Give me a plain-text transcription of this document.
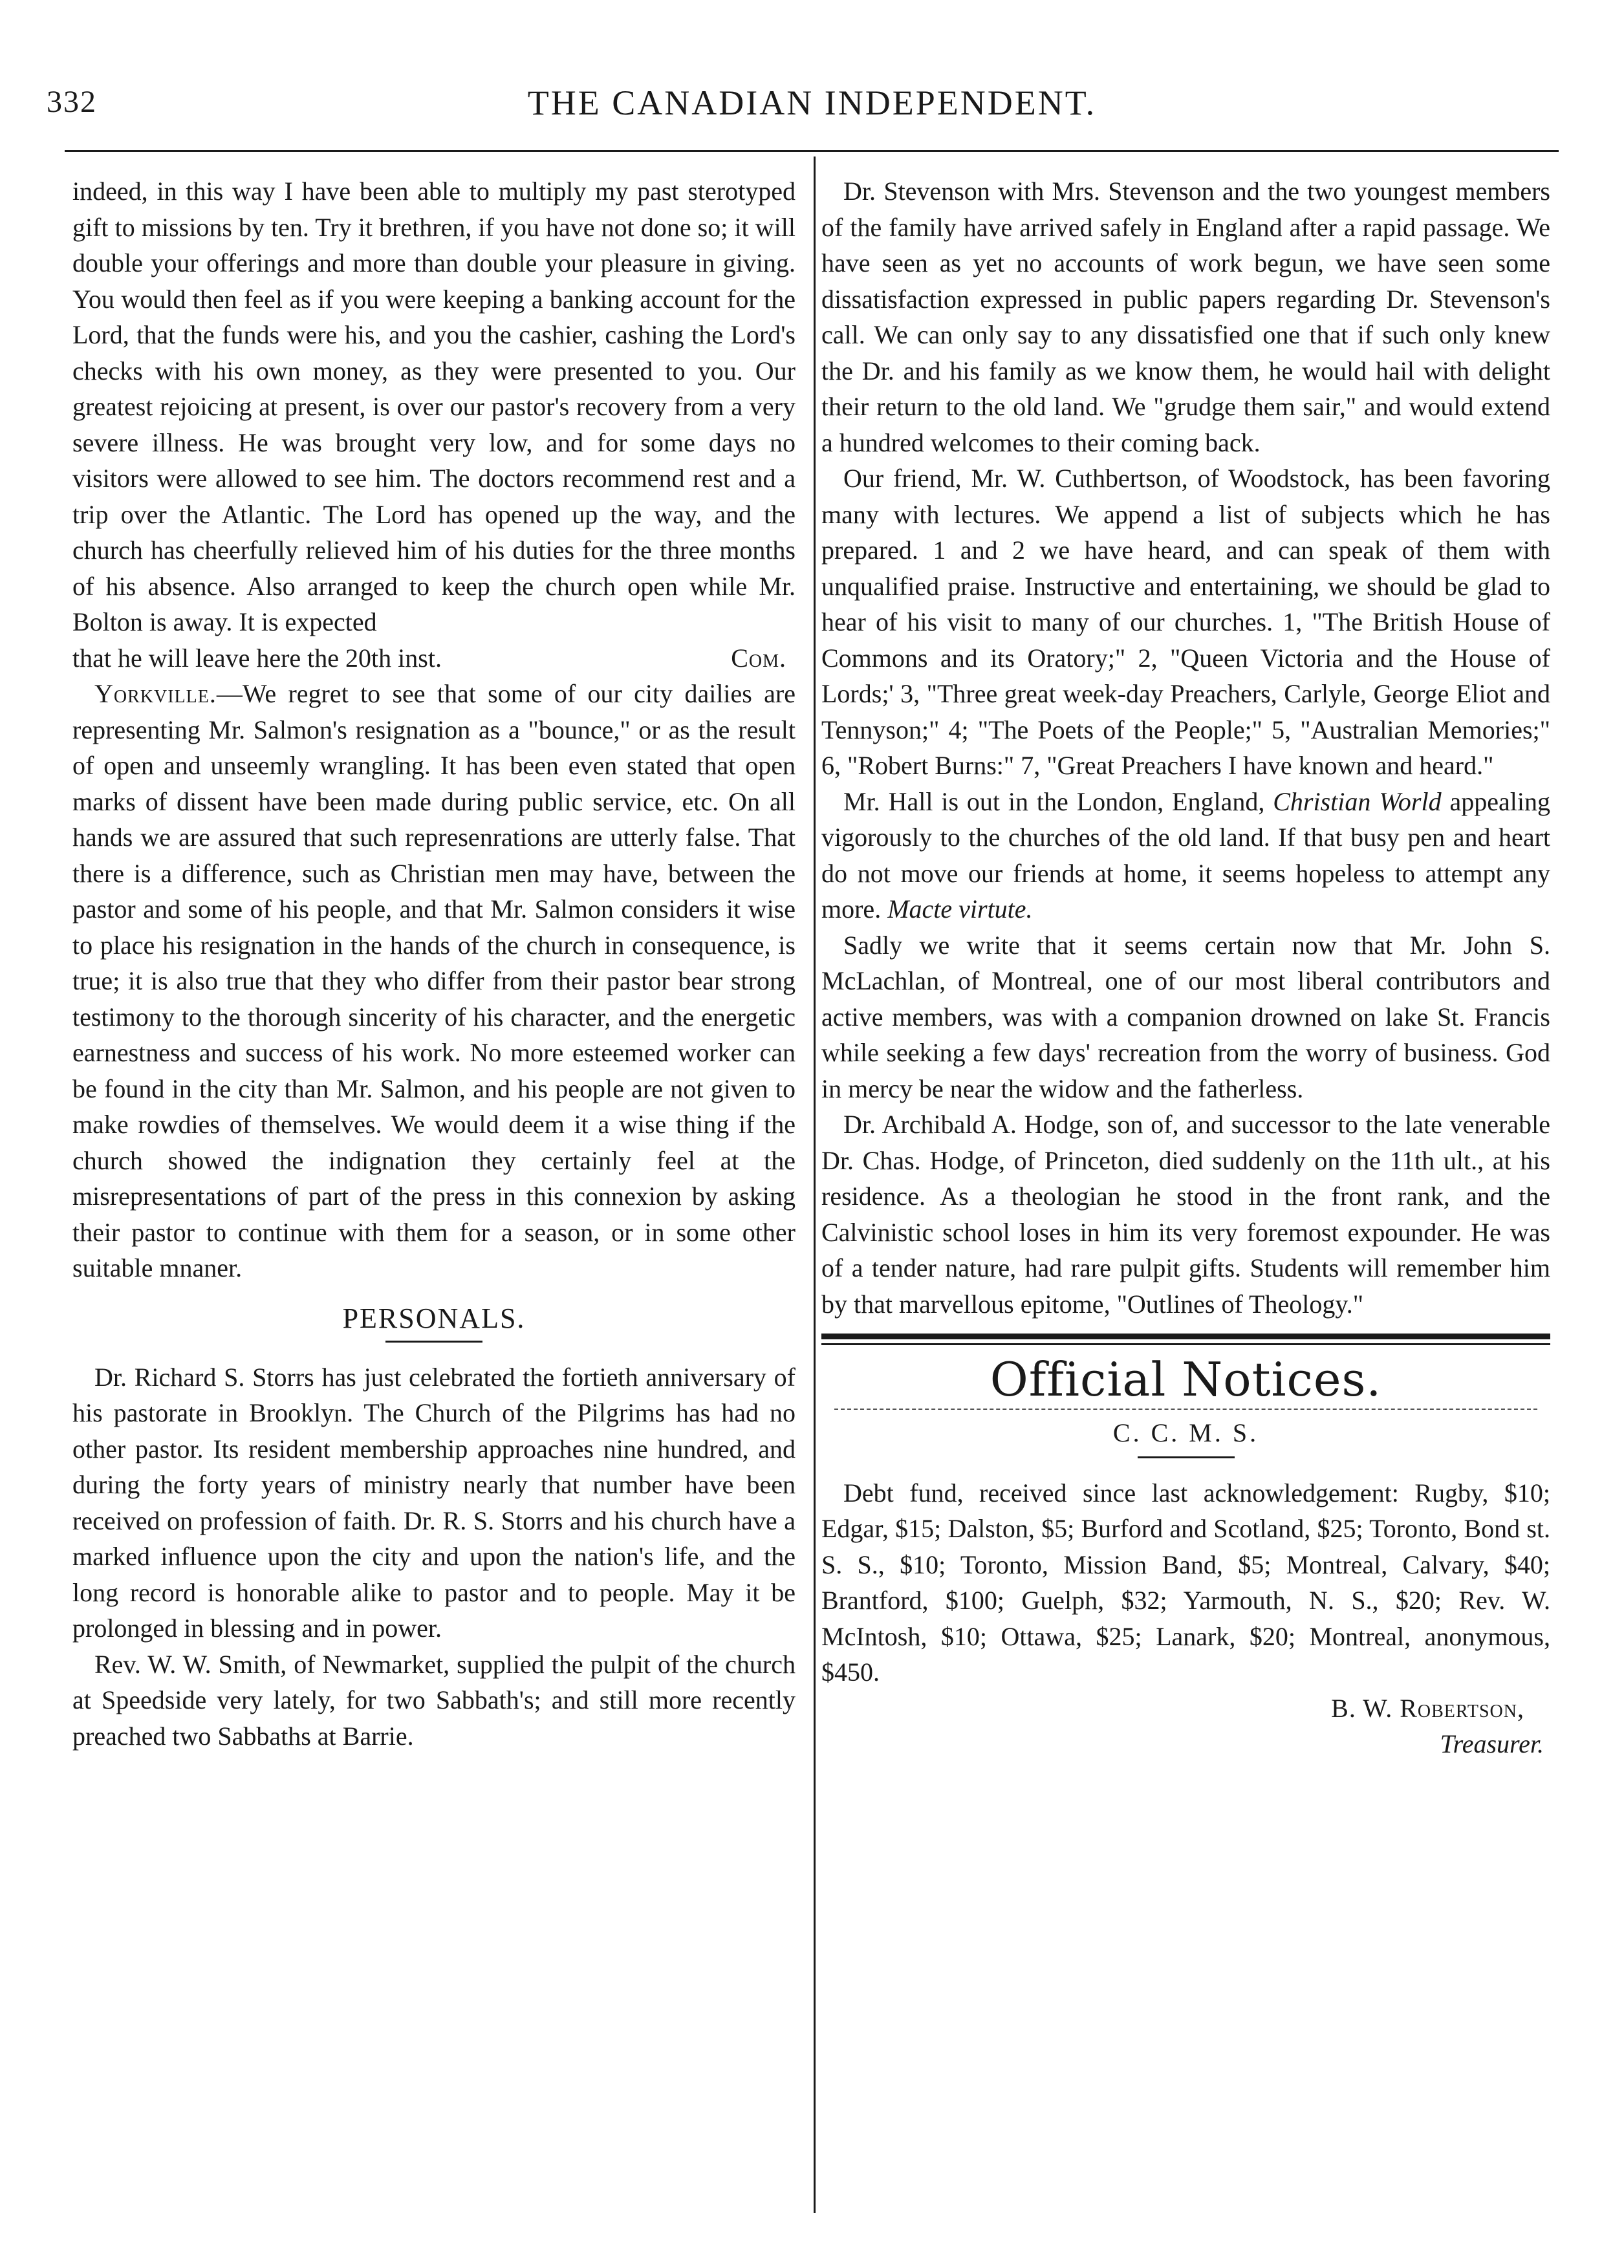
332	THE CANADIAN INDEPENDENT.

indeed, in this way I have been able to multiply my past sterotyped gift to missions by ten. Try it brethren, if you have not done so; it will double your offerings and more than double your pleasure in giving. You would then feel as if you were keeping a banking account for the Lord, that the funds were his, and you the cashier, cashing the Lord's checks with his own money, as they were presented to you. Our greatest rejoicing at present, is over our pastor's recovery from a very severe illness. He was brought very low, and for some days no visitors were allowed to see him. The doctors recommend rest and a trip over the Atlantic. The Lord has opened up the way, and the church has cheerfully relieved him of his duties for the three months of his absence. Also arranged to keep the church open while Mr. Bolton is away. It is expected

that he will leave here the 20th inst.	Com.

Yorkville.—We regret to see that some of our city dailies are representing Mr. Salmon's resignation as a "bounce," or as the result of open and unseemly wrangling. It has been even stated that open marks of dissent have been made during public service, etc. On all hands we are assured that such represenrations are utterly false. That there is a difference, such as Christian men may have, between the pastor and some of his people, and that Mr. Salmon considers it wise to place his resignation in the hands of the church in consequence, is true; it is also true that they who differ from their pastor bear strong testimony to the thorough sincerity of his character, and the energetic earnestness and success of his work. No more esteemed worker can be found in the city than Mr. Salmon, and his people are not given to make rowdies of themselves. We would deem it a wise thing if the church showed the indignation they certainly feel at the misrepresentations of part of the press in this connexion by asking their pastor to continue with them for a season, or in some other suitable mnaner.

PERSONALS.

Dr. Richard S. Storrs has just celebrated the fortieth anniversary of his pastorate in Brooklyn. The Church of the Pilgrims has had no other pastor. Its resident membership approaches nine hundred, and during the forty years of ministry nearly that number have been received on profession of faith. Dr. R. S. Storrs and his church have a marked influence upon the city and upon the nation's life, and the long record is honorable alike to pastor and to people. May it be prolonged in blessing and in power.

Rev. W. W. Smith, of Newmarket, supplied the pulpit of the church at Speedside very lately, for two Sabbath's; and still more recently preached two Sabbaths at Barrie.

Dr. Stevenson with Mrs. Stevenson and the two youngest members of the family have arrived safely in England after a rapid passage. We have seen as yet no accounts of work begun, we have seen some dissatisfaction expressed in public papers regarding Dr. Stevenson's call. We can only say to any dissatisfied one that if such only knew the Dr. and his family as we know them, he would hail with delight their return to the old land. We "grudge them sair," and would extend a hundred welcomes to their coming back.

Our friend, Mr. W. Cuthbertson, of Woodstock, has been favoring many with lectures. We append a list of subjects which he has prepared. 1 and 2 we have heard, and can speak of them with unqualified praise. Instructive and entertaining, we should be glad to hear of his visit to many of our churches. 1, "The British House of Commons and its Oratory;" 2, "Queen Victoria and the House of Lords;' 3, "Three great week-day Preachers, Carlyle, George Eliot and Tennyson;" 4; "The Poets of the People;" 5, "Australian Memories;" 6, "Robert Burns:" 7, "Great Preachers I have known and heard."

Mr. Hall is out in the London, England, Christian World appealing vigorously to the churches of the old land. If that busy pen and heart do not move our friends at home, it seems hopeless to attempt any more. Macte virtute.

Sadly we write that it seems certain now that Mr. John S. McLachlan, of Montreal, one of our most liberal contributors and active members, was with a companion drowned on lake St. Francis while seeking a few days' recreation from the worry of business. God in mercy be near the widow and the fatherless.

Dr. Archibald A. Hodge, son of, and successor to the late venerable Dr. Chas. Hodge, of Princeton, died suddenly on the 11th ult., at his residence. As a theologian he stood in the front rank, and the Calvinistic school loses in him its very foremost expounder. He was of a tender nature, had rare pulpit gifts. Students will remember him by that marvellous epitome, "Outlines of Theology."

Official Notices.
C. C. M. S.

Debt fund, received since last acknowledgement: Rugby, $10; Edgar, $15; Dalston, $5; Burford and Scotland, $25; Toronto, Bond st. S. S., $10; Toronto, Mission Band, $5; Montreal, Calvary, $40; Brantford, $100; Guelph, $32; Yarmouth, N. S., $20; Rev. W. McIntosh, $10; Ottawa, $25; Lanark, $20; Montreal, anonymous, $450.

B. W. Robertson,
Treasurer.
